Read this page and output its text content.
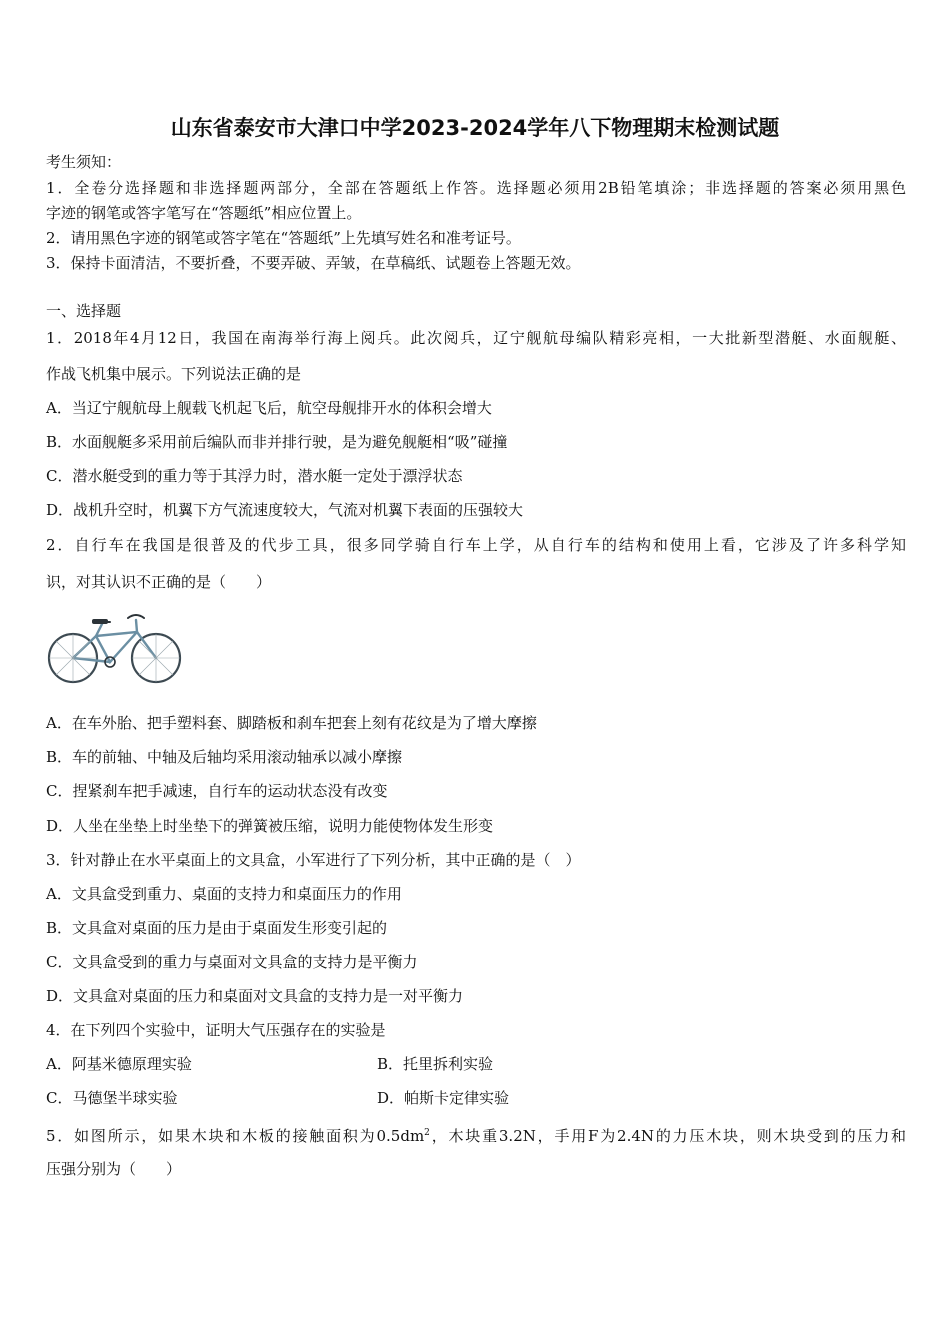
山东省泰安市大津口中学2023-2024学年八下物理期末检测试题
考生须知：
1．全卷分选择题和非选择题两部分，全部在答题纸上作答。选择题必须用2B铅笔填涂；非选择题的答案必须用黑色
字迹的钢笔或答字笔写在“答题纸”相应位置上。
2．请用黑色字迹的钢笔或答字笔在“答题纸”上先填写姓名和准考证号。
3．保持卡面清洁，不要折叠，不要弄破、弄皱，在草稿纸、试题卷上答题无效。
一、选择题
1．2018年4月12日，我国在南海举行海上阅兵。此次阅兵，辽宁舰航母编队精彩亮相，一大批新型潜艇、水面舰艇、
作战飞机集中展示。下列说法正确的是
A．当辽宁舰航母上舰载飞机起飞后，航空母舰排开水的体积会增大
B．水面舰艇多采用前后编队而非并排行驶，是为避免舰艇相“吸”碰撞
C．潜水艇受到的重力等于其浮力时，潜水艇一定处于漂浮状态
D．战机升空时，机翼下方气流速度较大，气流对机翼下表面的压强较大
2．自行车在我国是很普及的代步工具，很多同学骑自行车上学，从自行车的结构和使用上看，它涉及了许多科学知
识，对其认识不正确的是（　　）
A．在车外胎、把手塑料套、脚踏板和刹车把套上刻有花纹是为了增大摩擦
B．车的前轴、中轴及后轴均采用滚动轴承以减小摩擦
C．捏紧刹车把手减速，自行车的运动状态没有改变
D．人坐在坐垫上时坐垫下的弹簧被压缩，说明力能使物体发生形变
3．针对静止在水平桌面上的文具盒，小军进行了下列分析，其中正确的是（　）
A．文具盒受到重力、桌面的支持力和桌面压力的作用
B．文具盒对桌面的压力是由于桌面发生形变引起的
C．文具盒受到的重力与桌面对文具盒的支持力是平衡力
D．文具盒对桌面的压力和桌面对文具盒的支持力是一对平衡力
4．在下列四个实验中，证明大气压强存在的实验是
A．阿基米德原理实验	B．托里拆利实验
C．马德堡半球实验	D．帕斯卡定律实验
5．如图所示，如果木块和木板的接触面积为$0.5dm^2$，木块重3.2N，手用F为2.4N的力压木块，则木块受到的压力和
压强分别为（　　）
